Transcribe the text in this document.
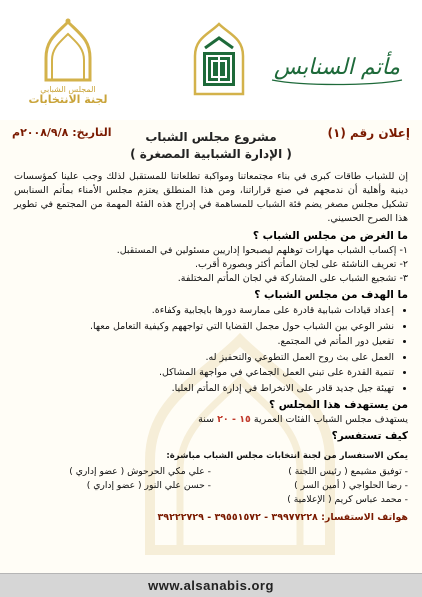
المجلس الشبابي
لجنة الانتخابات
مأتم السنابس
إعلان رقم (١)
التاريخ: ٢٠٠٨/٩/٨م	مشروع مجلس الشباب
( الإدارة الشبابية المصغرة )

إن للشباب طاقات كبرى في بناء مجتمعاتنا ومواكبة تطلعاتنا للمستقبل لذلك وجب علينا كمؤسسات دينية وأهلية أن ندمجهم في صنع قراراتنا، ومن هذا المنطلق يعتزم مجلس الأمناء بمأتم السنابس تشكيل مجلس مصغر يضم فئة الشباب للمساهمة في إدراج هذه الفئة المهمة من المجتمع في تطوير هذا الصرح الحسيني.

ما الغرض من مجلس الشباب ؟
١- إكساب الشباب مهارات توهلهم ليصبحوا إداريين مسئولين في المستقبل.
٢- تعريف الناشئة على لجان المأتم أكثر وبصورة أقرب.
٣- تشجيع الشباب على المشاركة في لجان المأتم المختلفة.
ما الهدف من مجلس الشباب ؟
• إعداد قيادات شبابية قادرة على ممارسة دورها بايجابية وكفاءة.
• نشر الوعي بين الشباب حول مجمل القضايا التي تواجههم وكيفية التعامل معها.
• تفعيل دور المأتم في المجتمع.
• العمل على بث روح العمل التطوعي والتحفيز له.
• تنمية القدرة على تبني العمل الجماعي في مواجهة المشاكل.
• تهيئة جيل جديد قادر على الانخراط في إدارة المأتم العليا.
من يستهدف هذا المجلس ؟
يستهدف مجلس الشباب الفئات العمرية ١٥ - ٢٠ سنة
كيف تستفسر؟
يمكن الاستفسار من لجنة انتخابات مجلس الشباب مباشرة:
- توفيق مشيمع ( رئيس اللجنة )
- علي مكي الحرحوش ( عضو إداري )
- رضا الحلواجي ( أمين السر )
- حسن علي النور ( عضو إداري )
- محمد عباس كريم ( الإعلامية )
هواتف الاستفسار: ٣٩٩٧٧٢٢٨ - ٣٩٥٥١٥٧٢ - ٣٩٢٢٢٧٢٩
www.alsanabis.org
